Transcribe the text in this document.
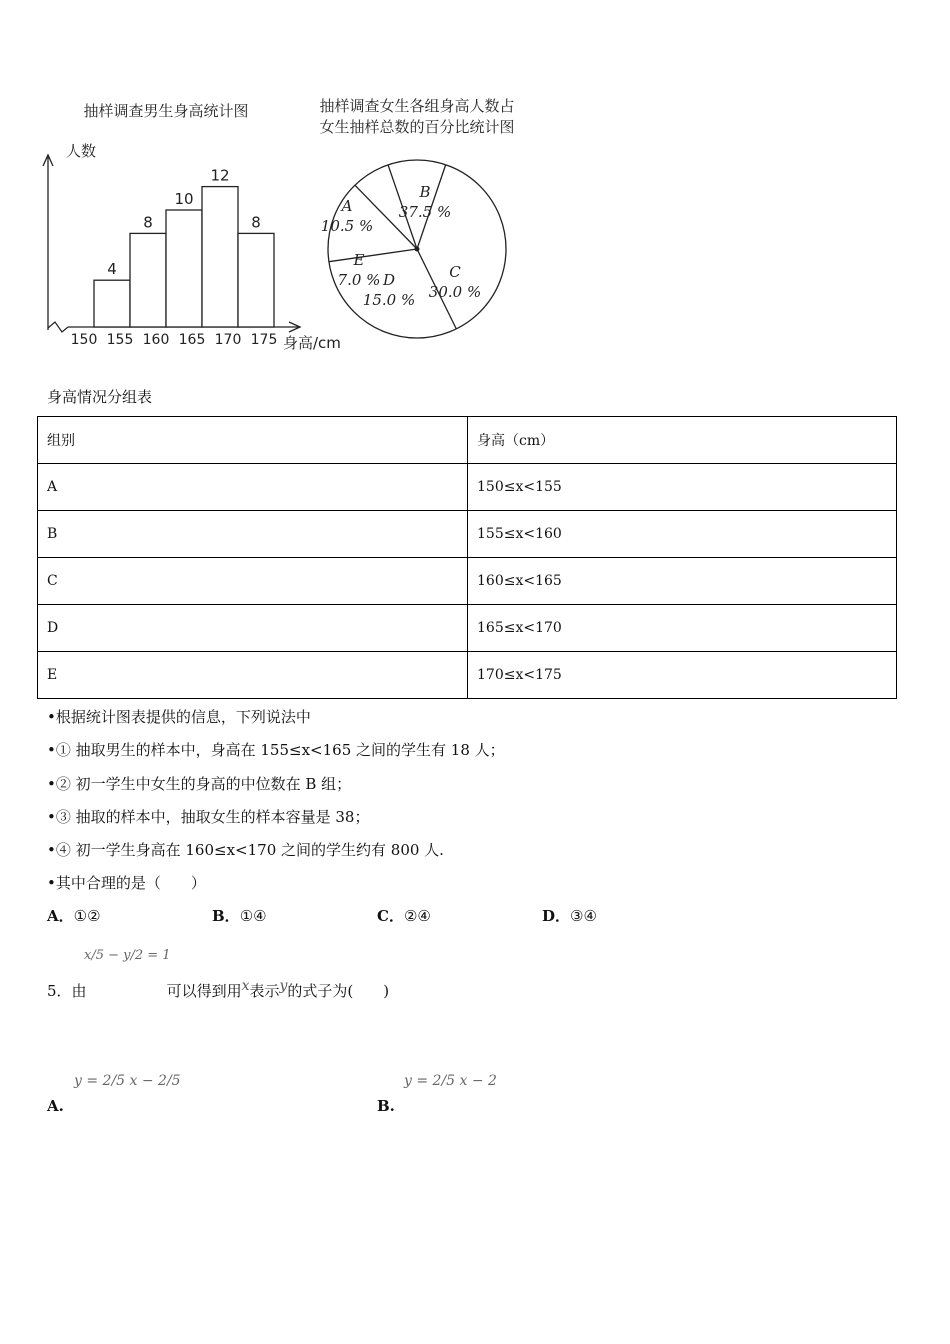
抽样调查男生身高统计图
人数
身高/cm
4
8
10
12
8
150 155 160 165 170 175
抽样调查女生各组身高人数占
女生抽样总数的百分比统计图
A
10.5 %
B
37.5 %
C
30.0 %
D
15.0 %
E
7.0 %
身高情况分组表
组别	身高（cm）
A	150≤x<155
B	155≤x<160
C	160≤x<165
D	165≤x<170
E	170≤x<175
•根据统计图表提供的信息，下列说法中
•① 抽取男生的样本中，身高在 155≤x<165 之间的学生有 18 人；
•② 初一学生中女生的身高的中位数在 B 组；
•③ 抽取的样本中，抽取女生的样本容量是 38；
•④ 初一学生身高在 160≤x<170 之间的学生约有 800 人.
•其中合理的是（　　）
A．①②	B．①④	C．②④	D．③④
x/5 − y/2 = 1
5．由	可以得到用$^x$表示$^y$的式子为(　　)
y = 2/5 x − 2/5
A.
y = 2/5 x − 2
B.
